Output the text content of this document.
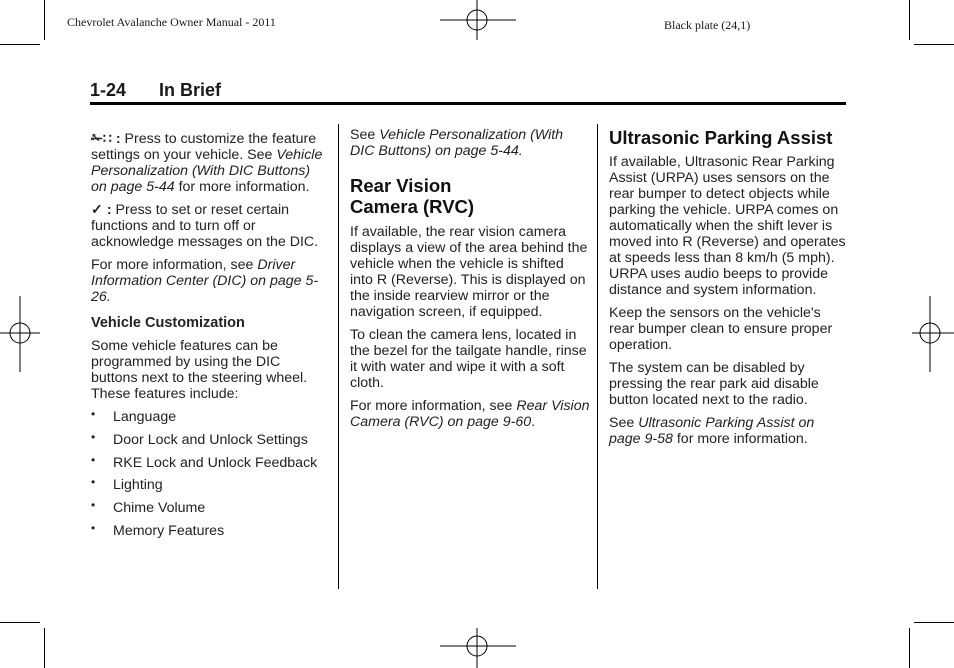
Chevrolet Avalanche Owner Manual - 2011	Black plate (24,1)
1-24 In Brief

✁∷ : Press to customize the feature settings on your vehicle. See Vehicle Personalization (With DIC Buttons) on page 5-44 for more information.

✓ : Press to set or reset certain functions and to turn off or acknowledge messages on the DIC.

For more information, see Driver Information Center (DIC) on page 5-26.

Vehicle Customization

Some vehicle features can be programmed by using the DIC buttons next to the steering wheel. These features include:

• Language
• Door Lock and Unlock Settings
• RKE Lock and Unlock Feedback
• Lighting
• Chime Volume
• Memory Features

See Vehicle Personalization (With DIC Buttons) on page 5-44.

Rear Vision
Camera (RVC)

If available, the rear vision camera displays a view of the area behind the vehicle when the vehicle is shifted into R (Reverse). This is displayed on the inside rearview mirror or the navigation screen, if equipped.

To clean the camera lens, located in the bezel for the tailgate handle, rinse it with water and wipe it with a soft cloth.

For more information, see Rear Vision Camera (RVC) on page 9-60.

Ultrasonic Parking Assist

If available, Ultrasonic Rear Parking Assist (URPA) uses sensors on the rear bumper to detect objects while parking the vehicle. URPA comes on automatically when the shift lever is moved into R (Reverse) and operates at speeds less than 8 km/h (5 mph). URPA uses audio beeps to provide distance and system information.

Keep the sensors on the vehicle's rear bumper clean to ensure proper operation.

The system can be disabled by pressing the rear park aid disable button located next to the radio.

See Ultrasonic Parking Assist on page 9-58 for more information.
